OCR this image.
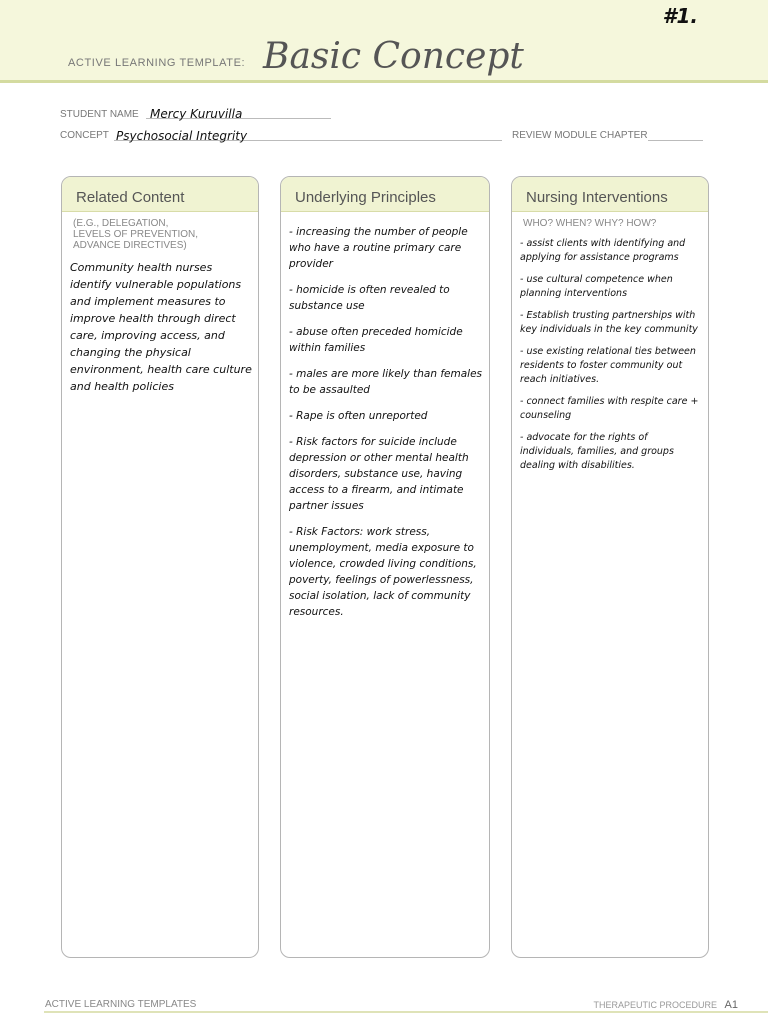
#1.
ACTIVE LEARNING TEMPLATE: Basic Concept
STUDENT NAME Mercy Kuruvilla
CONCEPT Psychosocial Integrity	REVIEW MODULE CHAPTER
Related Content
(E.G., DELEGATION,
LEVELS OF PREVENTION,
ADVANCE DIRECTIVES)
Community health nurses identify vulnerable populations and implement measures to improve health through direct care, improving access, and changing the physical environment, health care culture and health policies
Underlying Principles
- increasing the number of people who have a routine primary care provider
- homicide is often revealed to substance use
- abuse often preceded homicide within families
- males are more likely than females to be assaulted
- Rape is often unreported
- Risk factors for suicide include depression or other mental health disorders, substance use, having access to a firearm, and intimate partner issues
- Risk Factors: work stress, unemployment, media exposure to violence, crowded living conditions, poverty, feelings of powerlessness, social isolation, lack of community resources.
Nursing Interventions
WHO? WHEN? WHY? HOW?
- assist clients with identifying and applying for assistance programs
- use cultural competence when planning interventions
- Establish trusting partnerships with key individuals in the key community
- use existing relational ties between residents to foster community out reach initiatives.
- connect families with respite care + counseling
- advocate for the rights of individuals, families, and groups dealing with disabilities.
ACTIVE LEARNING TEMPLATES	THERAPEUTIC PROCEDURE A1
